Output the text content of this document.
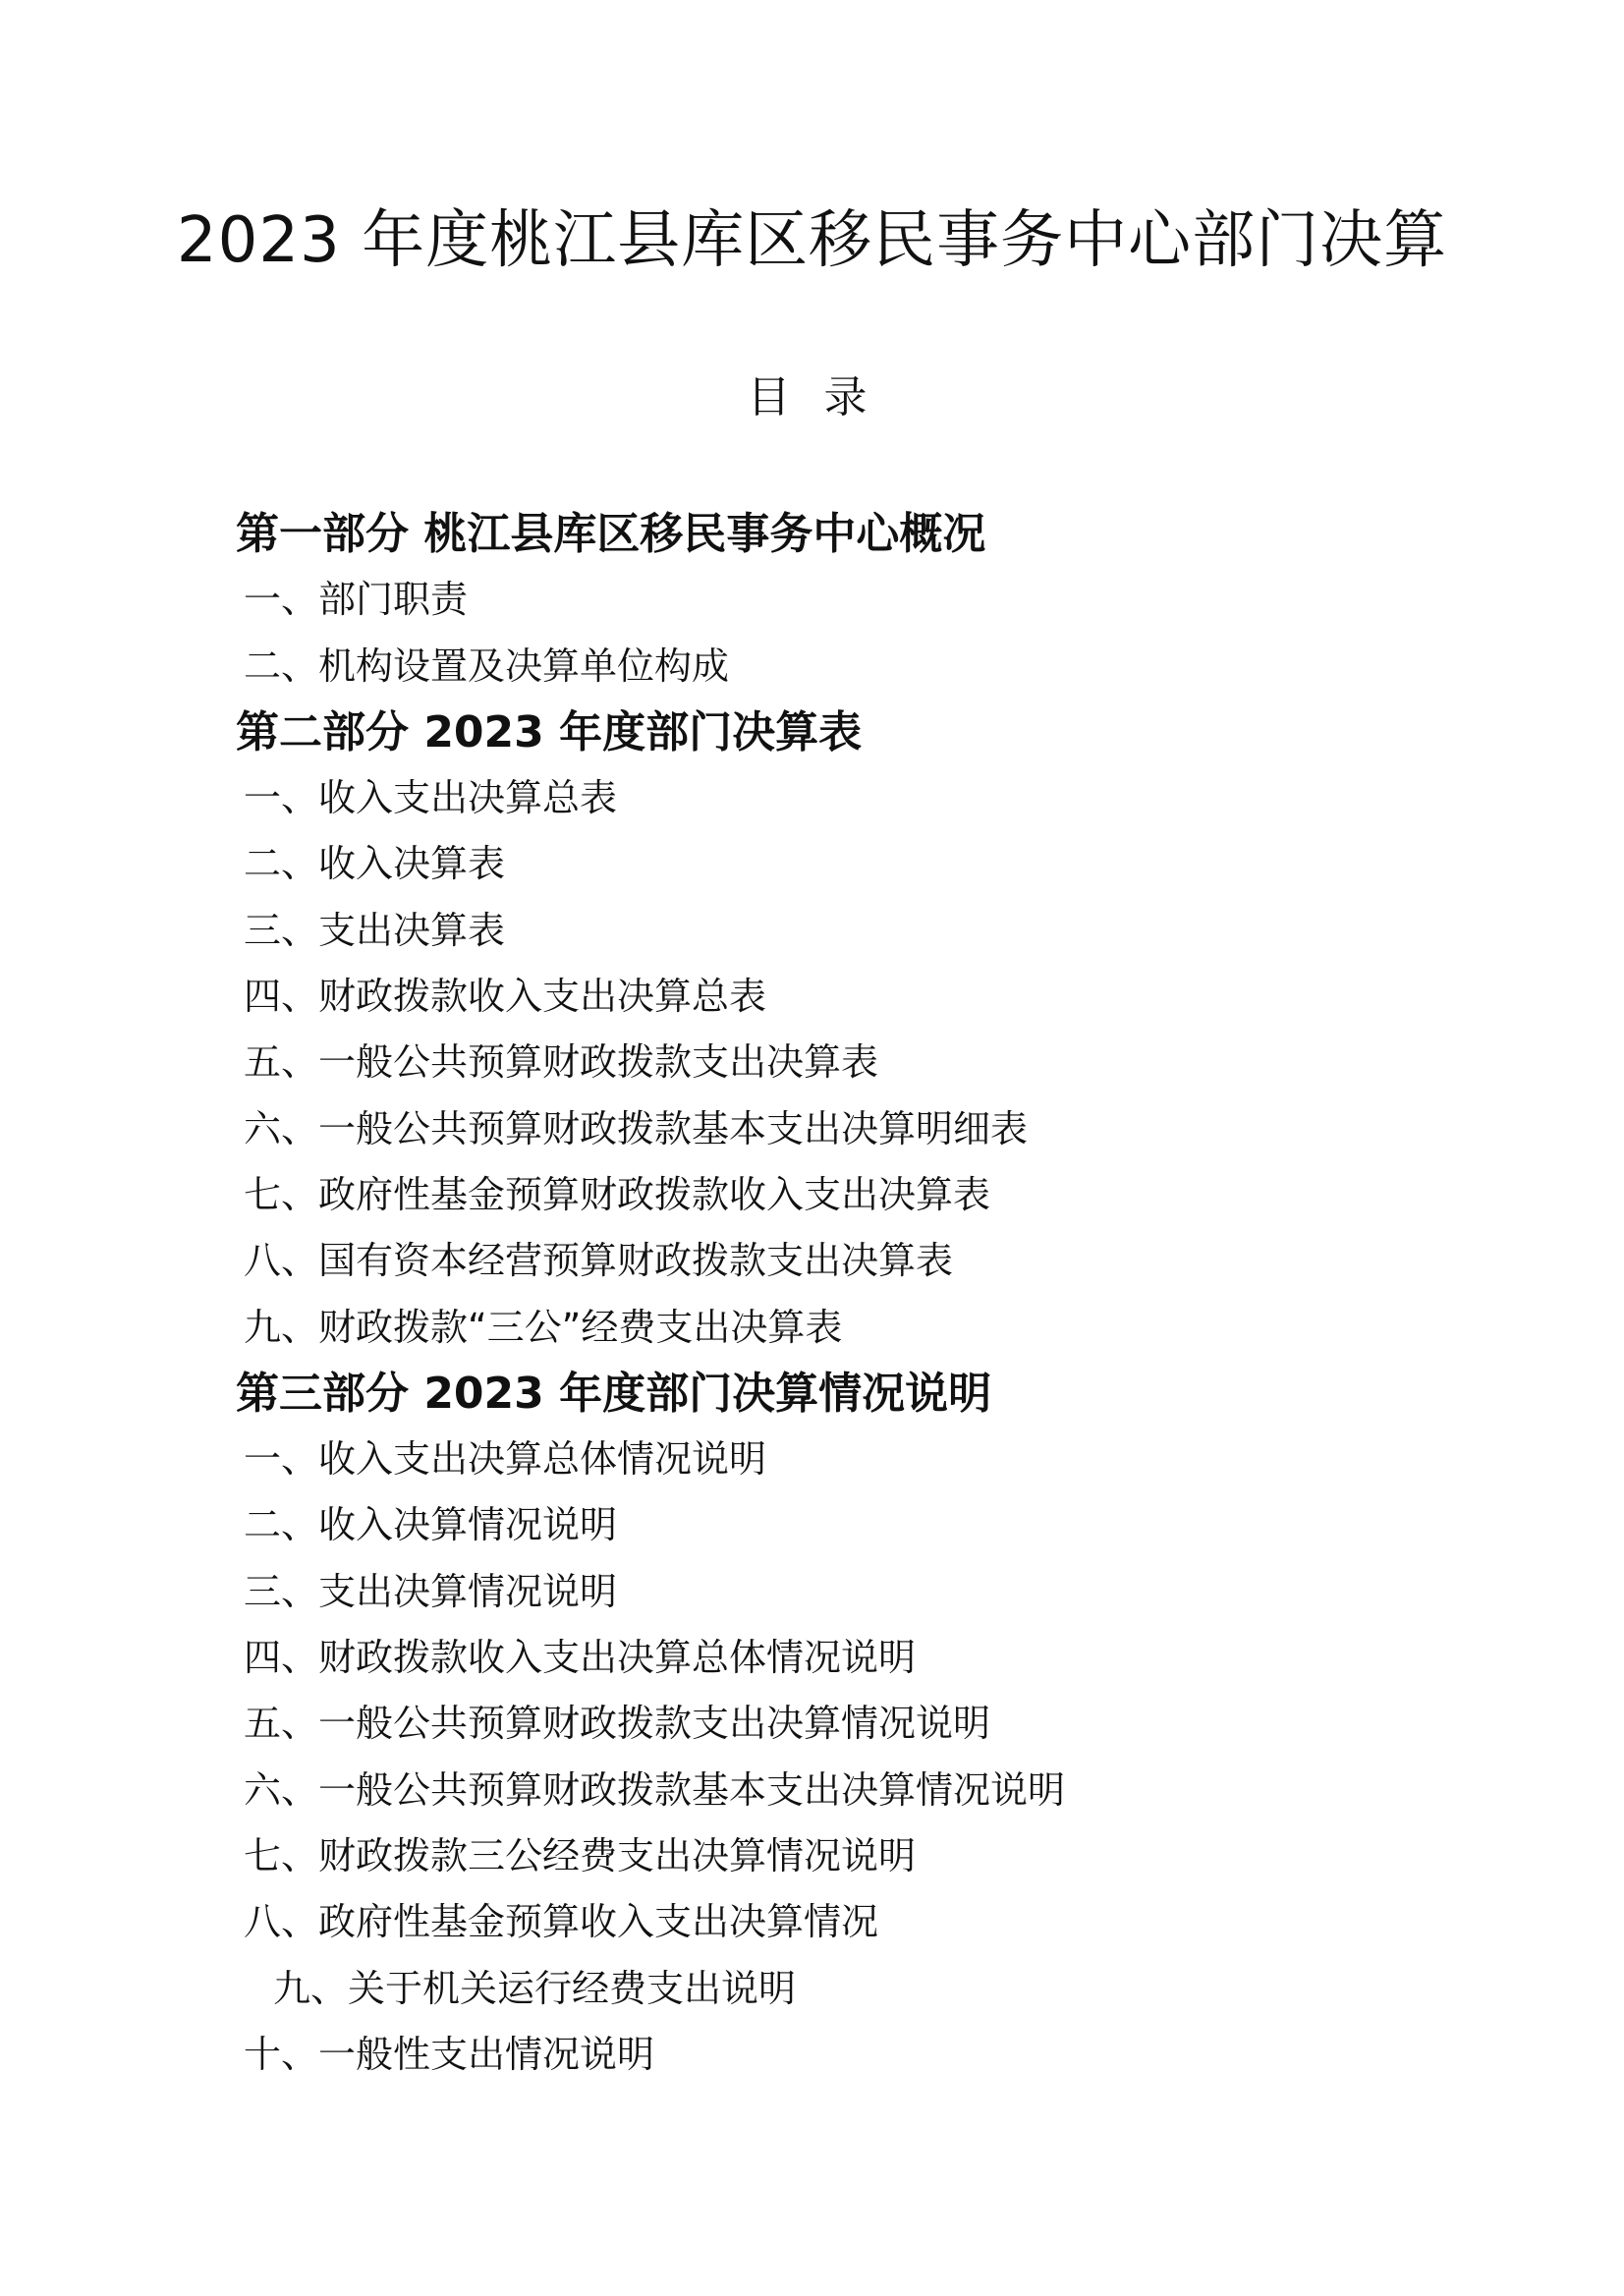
2023 年度桃江县库区移民事务中心部门决算
目 录
第一部分 桃江县库区移民事务中心概况
一、部门职责
二、机构设置及决算单位构成
第二部分 2023 年度部门决算表
一、收入支出决算总表
二、收入决算表
三、支出决算表
四、财政拨款收入支出决算总表
五、一般公共预算财政拨款支出决算表
六、一般公共预算财政拨款基本支出决算明细表
七、政府性基金预算财政拨款收入支出决算表
八、国有资本经营预算财政拨款支出决算表
九、财政拨款“三公”经费支出决算表
第三部分 2023 年度部门决算情况说明
一、收入支出决算总体情况说明
二、收入决算情况说明
三、支出决算情况说明
四、财政拨款收入支出决算总体情况说明
五、一般公共预算财政拨款支出决算情况说明
六、一般公共预算财政拨款基本支出决算情况说明
七、财政拨款三公经费支出决算情况说明
八、政府性基金预算收入支出决算情况
九、关于机关运行经费支出说明
十、一般性支出情况说明
